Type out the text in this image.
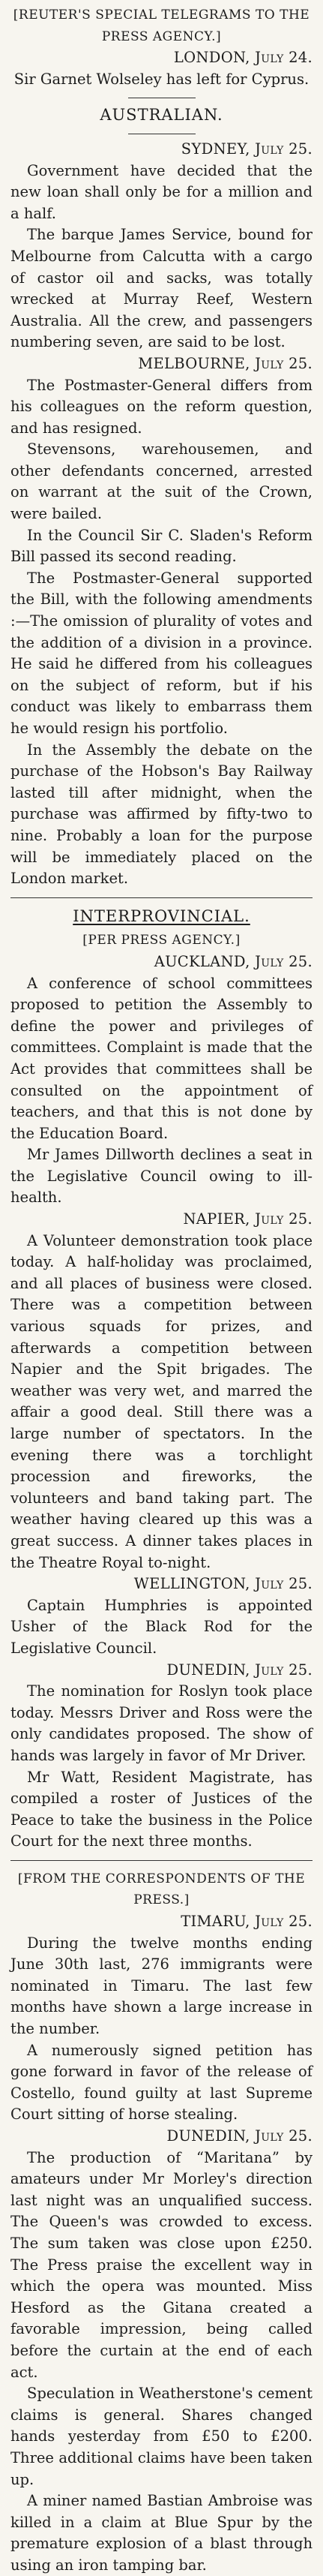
[REUTER'S SPECIAL TELEGRAMS TO THE

PRESS AGENCY.]

LONDON, July 24.

Sir Garnet Wolseley has left for Cyprus.

AUSTRALIAN.

SYDNEY, July 25.

Government have decided that the new loan shall only be for a million and a half.

The barque James Service, bound for Melbourne from Calcutta with a cargo of castor oil and sacks, was totally wrecked at Murray Reef, Western Australia. All the crew, and passengers numbering seven, are said to be lost.

MELBOURNE, July 25.

The Postmaster-General differs from his colleagues on the reform question, and has resigned.

Stevensons, warehousemen, and other defendants concerned, arrested on warrant at the suit of the Crown, were bailed.

In the Council Sir C. Sladen's Reform Bill passed its second reading.

The Postmaster-General supported the Bill, with the following amendments :—The omission of plurality of votes and the addition of a division in a province. He said he differed from his colleagues on the subject of reform, but if his conduct was likely to embarrass them he would resign his portfolio.

In the Assembly the debate on the purchase of the Hobson's Bay Railway lasted till after midnight, when the purchase was affirmed by fifty-two to nine. Probably a loan for the purpose will be immediately placed on the London market.

INTERPROVINCIAL.

[PER PRESS AGENCY.]

AUCKLAND, July 25.

A conference of school committees proposed to petition the Assembly to define the power and privileges of committees. Complaint is made that the Act provides that committees shall be consulted on the appointment of teachers, and that this is not done by the Education Board.

Mr James Dillworth declines a seat in the Legislative Council owing to ill-health.

NAPIER, July 25.

A Volunteer demonstration took place today. A half-holiday was proclaimed, and all places of business were closed. There was a competition between various squads for prizes, and afterwards a competition between Napier and the Spit brigades. The weather was very wet, and marred the affair a good deal. Still there was a large number of spectators. In the evening there was a torchlight procession and fireworks, the volunteers and band taking part. The weather having cleared up this was a great success. A dinner takes places in the Theatre Royal to-night.

WELLINGTON, July 25.

Captain Humphries is appointed Usher of the Black Rod for the Legislative Council.

DUNEDIN, July 25.

The nomination for Roslyn took place today. Messrs Driver and Ross were the only candidates proposed. The show of hands was largely in favor of Mr Driver.

Mr Watt, Resident Magistrate, has compiled a roster of Justices of the Peace to take the business in the Police Court for the next three months.

[FROM THE CORRESPONDENTS OF THE PRESS.]

TIMARU, July 25.

During the twelve months ending June 30th last, 276 immigrants were nominated in Timaru. The last few months have shown a large increase in the number.

A numerously signed petition has gone forward in favor of the release of Costello, found guilty at last Supreme Court sitting of horse stealing.

DUNEDIN, July 25.

The production of “Maritana” by amateurs under Mr Morley's direction last night was an unqualified success. The Queen's was crowded to excess. The sum taken was close upon £250. The Press praise the excellent way in which the opera was mounted. Miss Hesford as the Gitana created a favorable impression, being called before the curtain at the end of each act.

Speculation in Weatherstone's cement claims is general. Shares changed hands yesterday from £50 to £200. Three additional claims have been taken up.

A miner named Bastian Ambroise was killed in a claim at Blue Spur by the premature explosion of a blast through using an iron tamping bar.
